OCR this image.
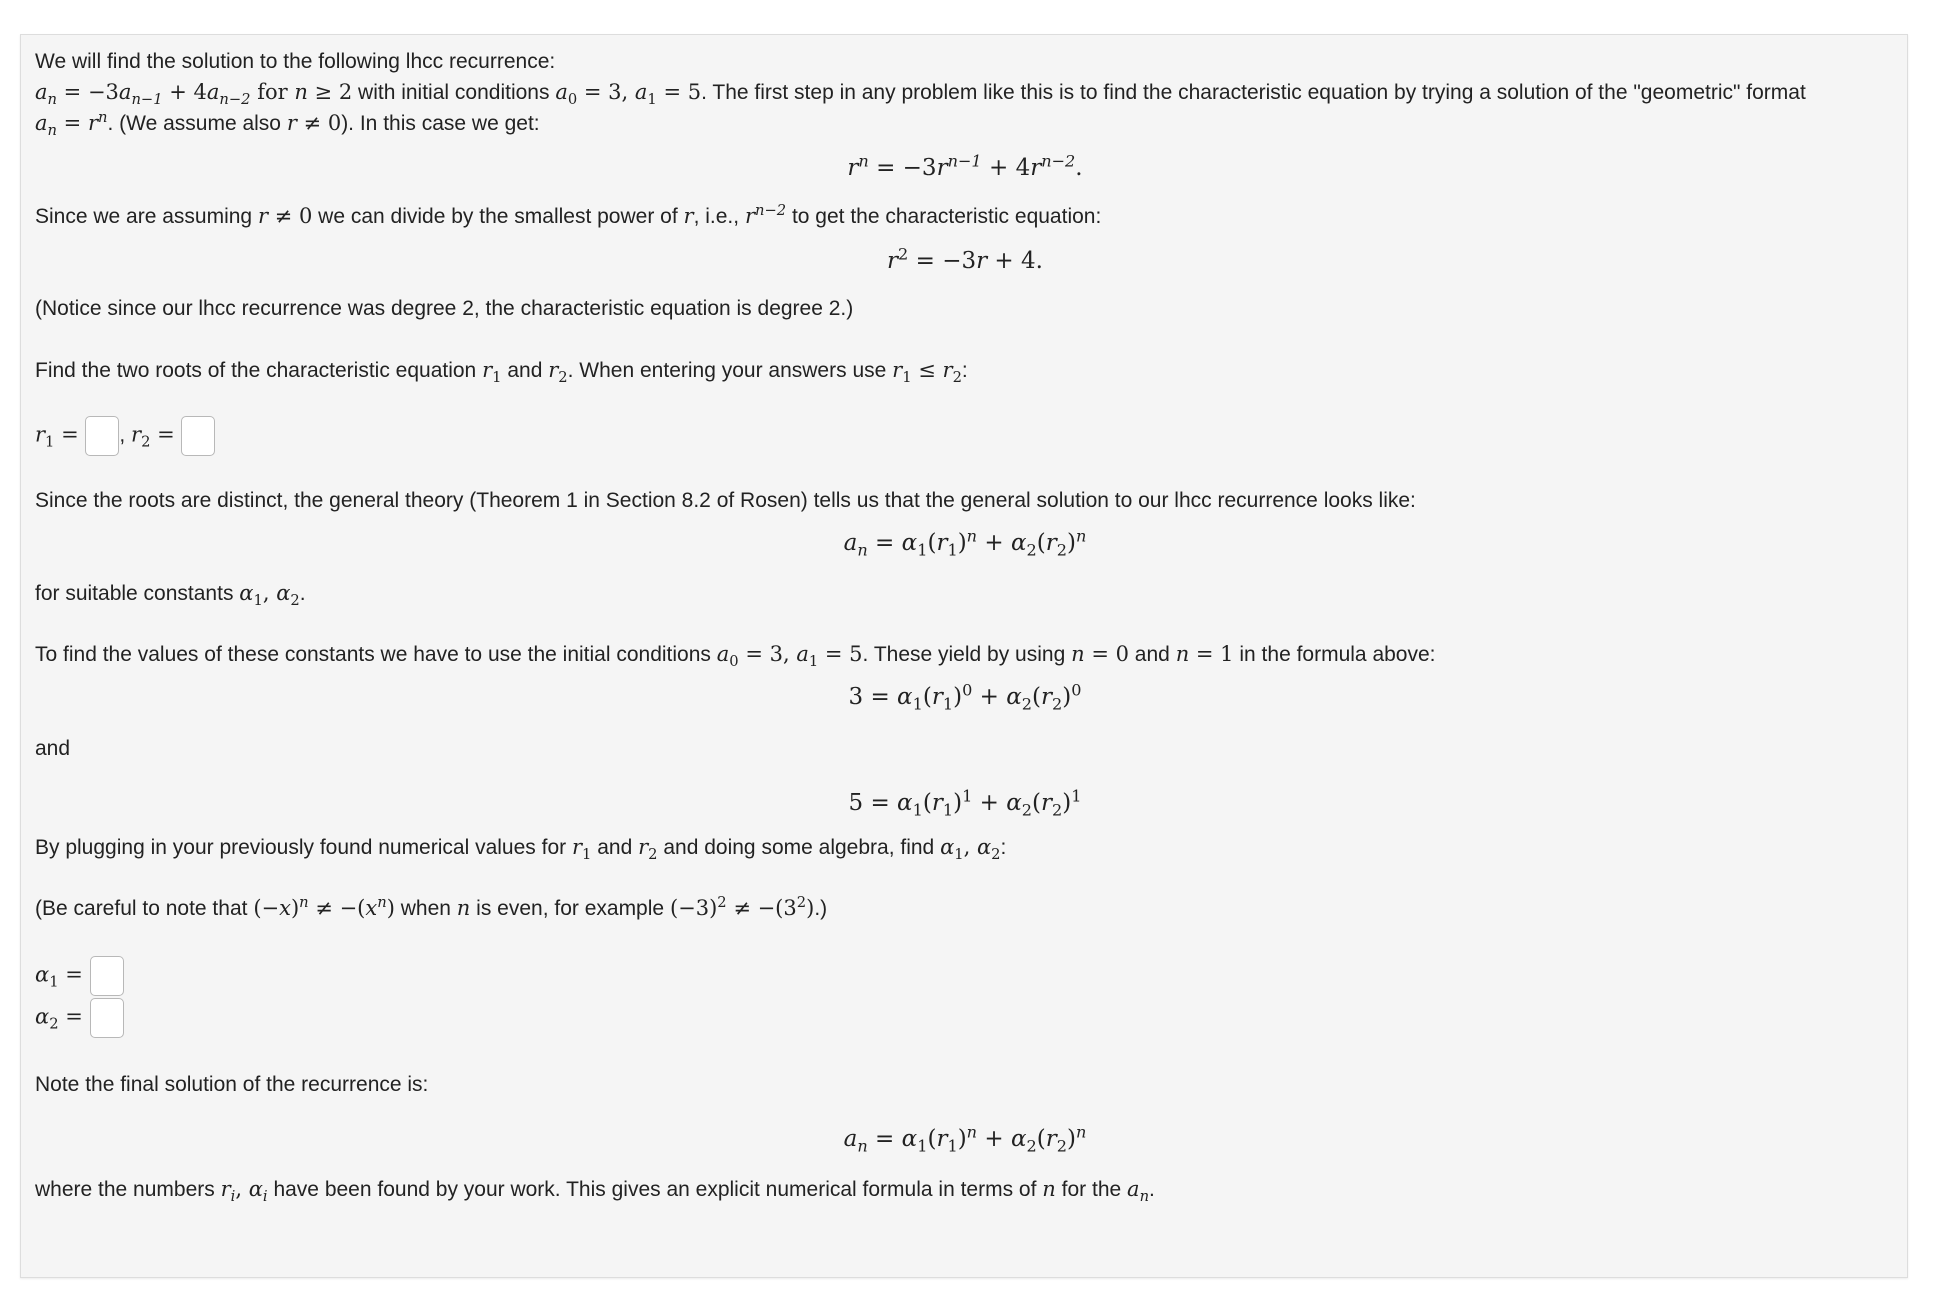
We will find the solution to the following lhcc recurrence:

$a_n = -3a_{n-1} + 4a_{n-2}$ for n ≥ 2 with initial conditions $a_0 = 3$, $a_1 = 5$. The first step in any problem like this is to find the characteristic equation by trying a solution of the "geometric" format

$a_n = r^n$. (We assume also r ≠ 0). In this case we get:

$r^n = -3r^{n-1} + 4r^{n-2}$.

Since we are assuming r ≠ 0 we can divide by the smallest power of r, i.e., $r^{n-2}$ to get the characteristic equation:

$r^2 = -3r + 4$.

(Notice since our lhcc recurrence was degree 2, the characteristic equation is degree 2.)

Find the two roots of the characteristic equation $r_1$ and $r_2$. When entering your answers use $r_1 \le r_2$:

$r_1$ = , $r_2$ =

Since the roots are distinct, the general theory (Theorem 1 in Section 8.2 of Rosen) tells us that the general solution to our lhcc recurrence looks like:

$a_n = \alpha_1(r_1)^n + \alpha_2(r_2)^n$

for suitable constants $\alpha_1$, $\alpha_2$.

To find the values of these constants we have to use the initial conditions $a_0 = 3$, $a_1 = 5$. These yield by using n = 0 and n = 1 in the formula above:

$3 = \alpha_1(r_1)^0 + \alpha_2(r_2)^0$

and

$5 = \alpha_1(r_1)^1 + \alpha_2(r_2)^1$

By plugging in your previously found numerical values for $r_1$ and $r_2$ and doing some algebra, find $\alpha_1$, $\alpha_2$:

(Be careful to note that $(-x)^n \ne -(x^n)$ when n is even, for example $(-3)^2 \ne -(3^2)$.)

$\alpha_1$ =
$\alpha_2$ =

Note the final solution of the recurrence is:

$a_n = \alpha_1(r_1)^n + \alpha_2(r_2)^n$

where the numbers $r_i$, $\alpha_i$ have been found by your work. This gives an explicit numerical formula in terms of n for the $a_n$.
